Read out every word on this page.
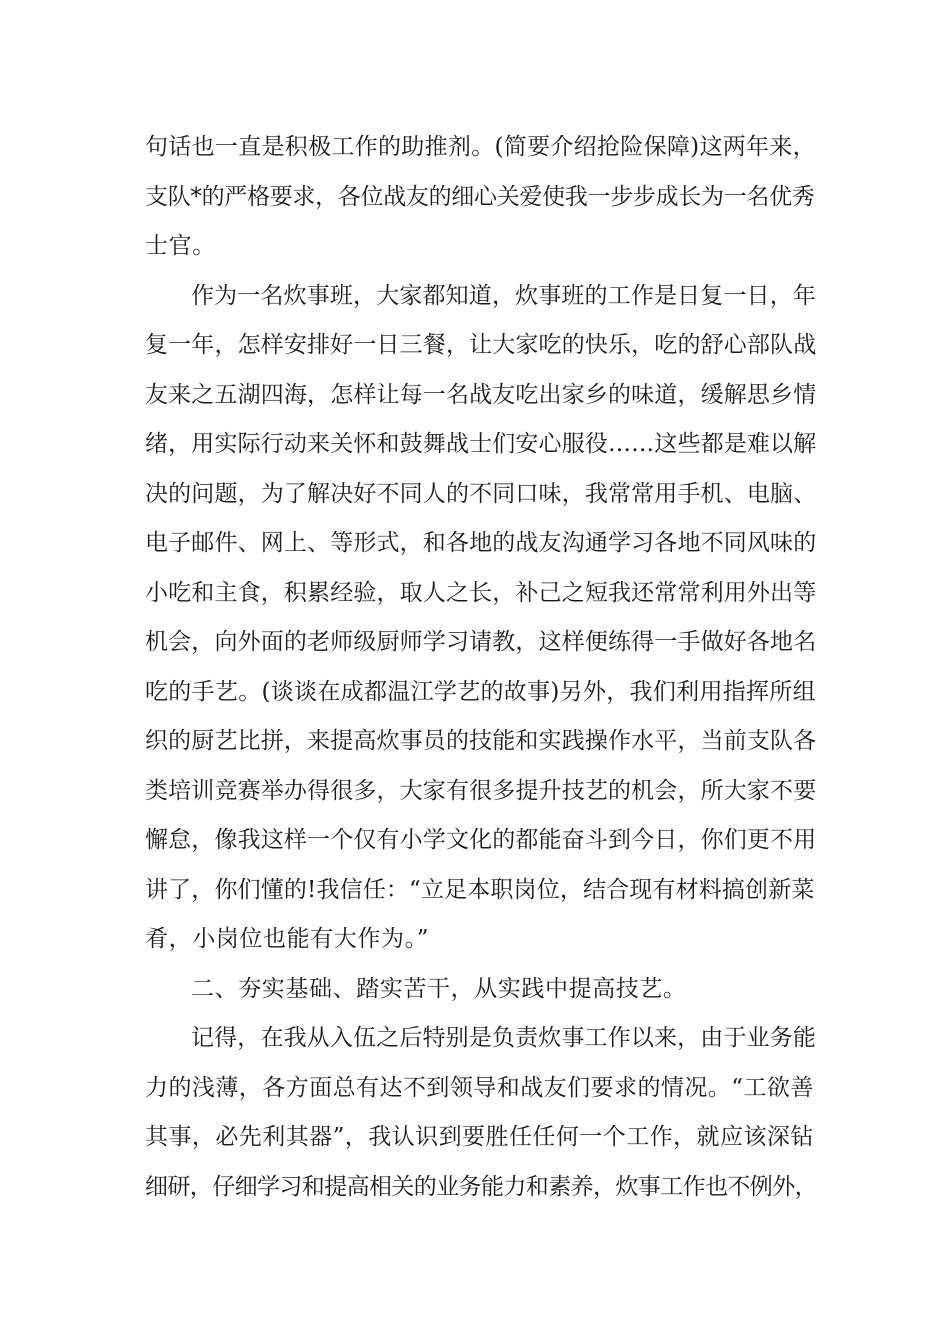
句话也一直是积极工作的助推剂。(简要介绍抢险保障)这两年来，
支队*的严格要求，各位战友的细心关爱使我一步步成长为一名优秀
士官。
作为一名炊事班，大家都知道，炊事班的工作是日复一日，年
复一年，怎样安排好一日三餐，让大家吃的快乐，吃的舒心部队战
友来之五湖四海，怎样让每一名战友吃出家乡的味道，缓解思乡情
绪，用实际行动来关怀和鼓舞战士们安心服役……这些都是难以解
决的问题，为了解决好不同人的不同口味，我常常用手机、电脑、
电子邮件、网上、等形式，和各地的战友沟通学习各地不同风味的
小吃和主食，积累经验，取人之长，补己之短我还常常利用外出等
机会，向外面的老师级厨师学习请教，这样便练得一手做好各地名
吃的手艺。(谈谈在成都温江学艺的故事)另外，我们利用指挥所组
织的厨艺比拼，来提高炊事员的技能和实践操作水平，当前支队各
类培训竞赛举办得很多，大家有很多提升技艺的机会，所大家不要
懈怠，像我这样一个仅有小学文化的都能奋斗到今日，你们更不用
讲了，你们懂的!我信任：“立足本职岗位，结合现有材料搞创新菜
肴，小岗位也能有大作为。”
二、夯实基础、踏实苦干，从实践中提高技艺。
记得，在我从入伍之后特别是负责炊事工作以来，由于业务能
力的浅薄，各方面总有达不到领导和战友们要求的情况。“工欲善
其事，必先利其器”，我认识到要胜任任何一个工作，就应该深钻
细研，仔细学习和提高相关的业务能力和素养，炊事工作也不例外，
